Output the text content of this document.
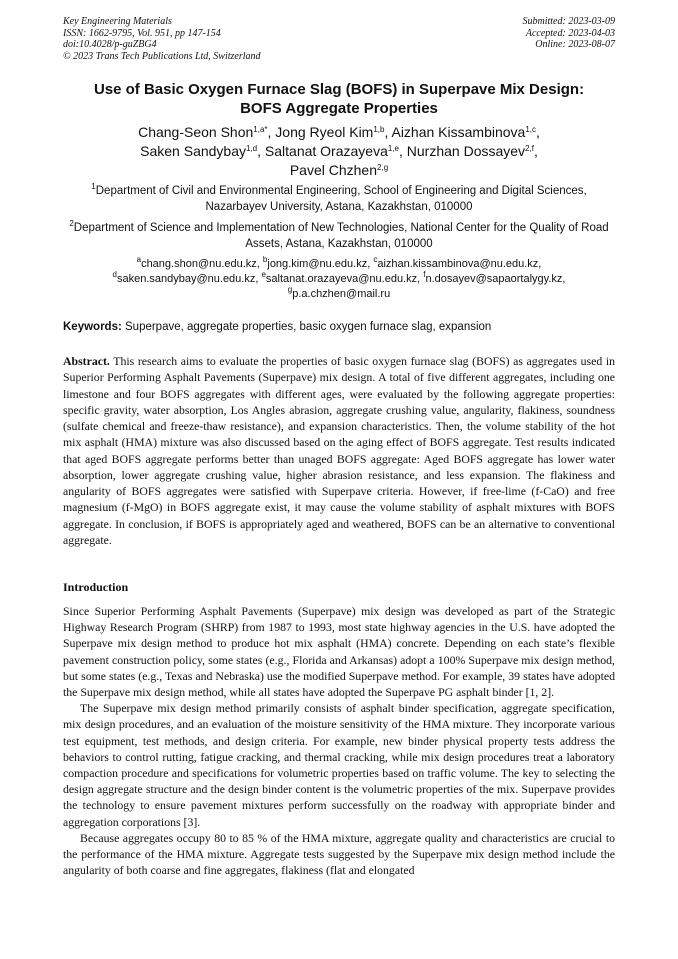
Key Engineering Materials
ISSN: 1662-9795, Vol. 951, pp 147-154
doi:10.4028/p-guZBG4
© 2023 Trans Tech Publications Ltd, Switzerland
Submitted: 2023-03-09
Accepted: 2023-04-03
Online: 2023-08-07
Use of Basic Oxygen Furnace Slag (BOFS) in Superpave Mix Design:
BOFS Aggregate Properties
Chang-Seon Shon$^{1,a*}$, Jong Ryeol Kim$^{1,b}$, Aizhan Kissambinova$^{1,c}$,
Saken Sandybay$^{1,d}$, Saltanat Orazayeva$^{1,e}$, Nurzhan Dossayev$^{2,f}$,
Pavel Chzhen$^{2,g}$
$^1$Department of Civil and Environmental Engineering, School of Engineering and Digital Sciences, Nazarbayev University, Astana, Kazakhstan, 010000
$^2$Department of Science and Implementation of New Technologies, National Center for the Quality of Road Assets, Astana, Kazakhstan, 010000
$^a$chang.shon@nu.edu.kz, $^b$jong.kim@nu.edu.kz, $^c$aizhan.kissambinova@nu.edu.kz,
$^d$saken.sandybay@nu.edu.kz, $^e$saltanat.orazayeva@nu.edu.kz, $^f$n.dosayev@sapaortalygy.kz,
$^g$p.a.chzhen@mail.ru
Keywords: Superpave, aggregate properties, basic oxygen furnace slag, expansion
Abstract. This research aims to evaluate the properties of basic oxygen furnace slag (BOFS) as aggregates used in Superior Performing Asphalt Pavements (Superpave) mix design. A total of five different aggregates, including one limestone and four BOFS aggregates with different ages, were evaluated by the following aggregate properties: specific gravity, water absorption, Los Angles abrasion, aggregate crushing value, angularity, flakiness, soundness (sulfate chemical and freeze-thaw resistance), and expansion characteristics. Then, the volume stability of the hot mix asphalt (HMA) mixture was also discussed based on the aging effect of BOFS aggregate. Test results indicated that aged BOFS aggregate performs better than unaged BOFS aggregate: Aged BOFS aggregate has lower water absorption, lower aggregate crushing value, higher abrasion resistance, and less expansion. The flakiness and angularity of BOFS aggregates were satisfied with Superpave criteria. However, if free-lime (f-CaO) and free magnesium (f-MgO) in BOFS aggregate exist, it may cause the volume stability of asphalt mixtures with BOFS aggregate. In conclusion, if BOFS is appropriately aged and weathered, BOFS can be an alternative to conventional aggregate.
Introduction

Since Superior Performing Asphalt Pavements (Superpave) mix design was developed as part of the Strategic Highway Research Program (SHRP) from 1987 to 1993, most state highway agencies in the U.S. have adopted the Superpave mix design method to produce hot mix asphalt (HMA) concrete. Depending on each state’s flexible pavement construction policy, some states (e.g., Florida and Arkansas) adopt a 100% Superpave mix design method, but some states (e.g., Texas and Nebraska) use the modified Superpave method. For example, 39 states have adopted the Superpave mix design method, while all states have adopted the Superpave PG asphalt binder [1, 2].

The Superpave mix design method primarily consists of asphalt binder specification, aggregate specification, mix design procedures, and an evaluation of the moisture sensitivity of the HMA mixture. They incorporate various test equipment, test methods, and design criteria. For example, new binder physical property tests address the behaviors to control rutting, fatigue cracking, and thermal cracking, while mix design procedures treat a laboratory compaction procedure and specifications for volumetric properties based on traffic volume. The key to selecting the design aggregate structure and the design binder content is the volumetric properties of the mix. Superpave provides the technology to ensure pavement mixtures perform successfully on the roadway with appropriate binder and aggregation corporations [3].

Because aggregates occupy 80 to 85 % of the HMA mixture, aggregate quality and characteristics are crucial to the performance of the HMA mixture. Aggregate tests suggested by the Superpave mix design method include the angularity of both coarse and fine aggregates, flakiness (flat and elongated
